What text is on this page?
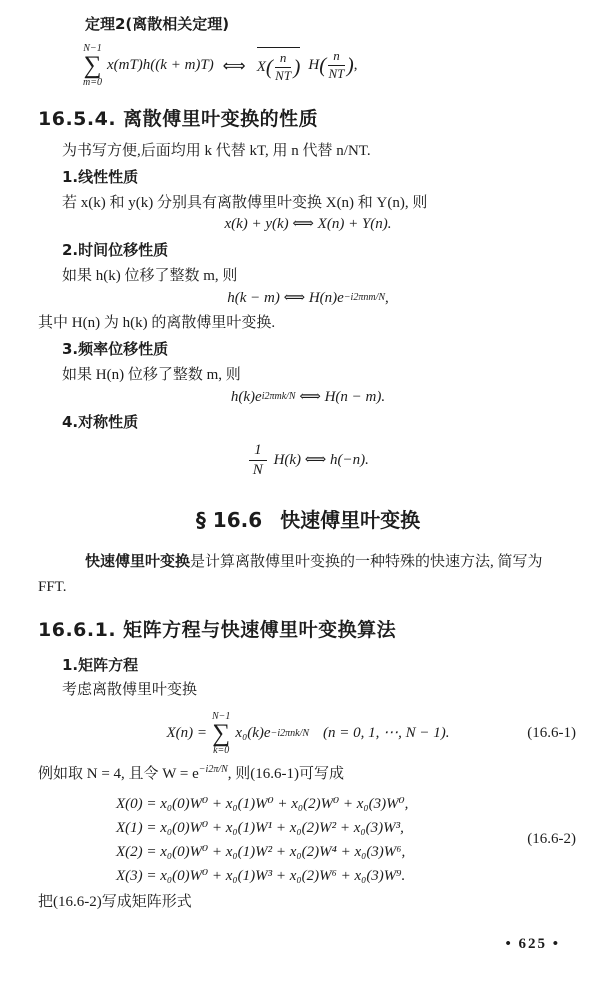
定理2(离散相关定理)
N−1
∑
m=0
x(mT)h((k + m)T) ⟺ X ( $\frac{n}{NT}$ ) H ( $\frac{n}{NT}$ ) ,
16.5.4. 离散傅里叶变换的性质
为书写方便,后面均用 k 代替 kT, 用 n 代替 n/NT.
1.线性性质
若 x(k) 和 y(k) 分别具有离散傅里叶变换 X(n) 和 Y(n), 则
x(k) + y(k) ⟺ X(n) + Y(n).
2.时间位移性质
如果 h(k) 位移了整数 m, 则
h(k − m) ⟺ H(n)e −i2πnm/N ,
其中 H(n) 为 h(k) 的离散傅里叶变换.
3.频率位移性质
如果 H(n) 位移了整数 m, 则
h(k)e i2πmk/N ⟺ H(n − m).
4.对称性质
$\frac{1}{N} H(k)$ ⟺ h(−n).
§ 16.6 快速傅里叶变换
快速傅里叶变换是计算离散傅里叶变换的一种特殊的快速方法, 简写为
FFT.
16.6.1. 矩阵方程与快速傅里叶变换算法
1.矩阵方程
考虑离散傅里叶变换
X(n) =
N−1
∑
k=0
x₀(k)e −i2πnk/N (n = 0, 1, ⋯, N − 1).	(16.6-1)
例如取 N = 4, 且令 $W = e^{-i2\pi/N}$, 则(16.6-1)可写成
X(0) = x₀(0)W⁰ + x₀(1)W⁰ + x₀(2)W⁰ + x₀(3)W⁰,
X(1) = x₀(0)W⁰ + x₀(1)W¹ + x₀(2)W² + x₀(3)W³,
X(2) = x₀(0)W⁰ + x₀(1)W² + x₀(2)W⁴ + x₀(3)W⁶,
X(3) = x₀(0)W⁰ + x₀(1)W³ + x₀(2)W⁶ + x₀(3)W⁹.
(16.6-2)
把(16.6-2)写成矩阵形式
• 625 •
